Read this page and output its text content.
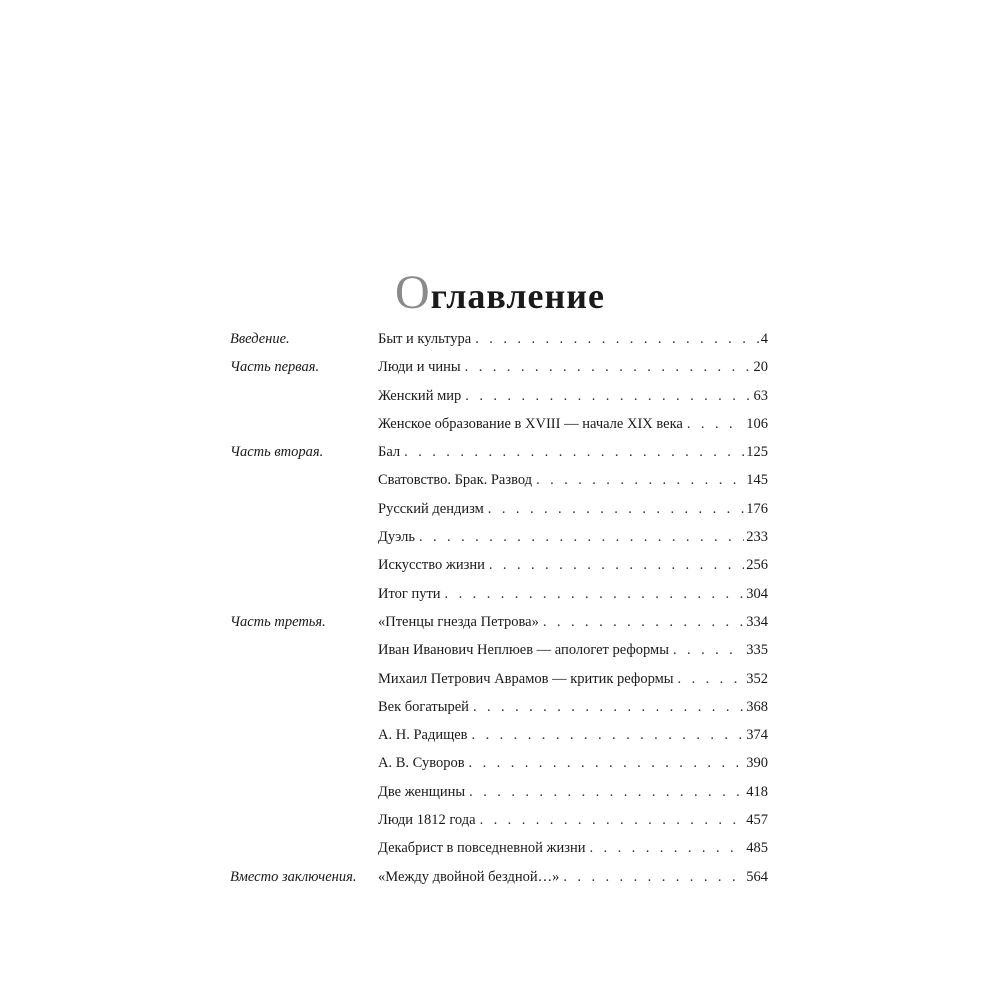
Оглавление
Введение.	Быт и культура . . .	4
Часть первая.	Люди и чины . . .	20
Женский мир . . .	63
Женское образование в XVIII — начале XIX века . . .	106
Часть вторая.	Бал . . .	125
Сватовство. Брак. Развод . . .	145
Русский дендизм . . .	176
Дуэль . . .	233
Искусство жизни . . .	256
Итог пути . . .	304
Часть третья.	«Птенцы гнезда Петрова» . . .	334
Иван Иванович Неплюев — апологет реформы . . .	335
Михаил Петрович Аврамов — критик реформы . . .	352
Век богатырей . . .	368
А. Н. Радищев . . .	374
А. В. Суворов . . .	390
Две женщины . . .	418
Люди 1812 года . . .	457
Декабрист в повседневной жизни . . .	485
Вместо заключения. «Между двойной бездной…» . . .	564
